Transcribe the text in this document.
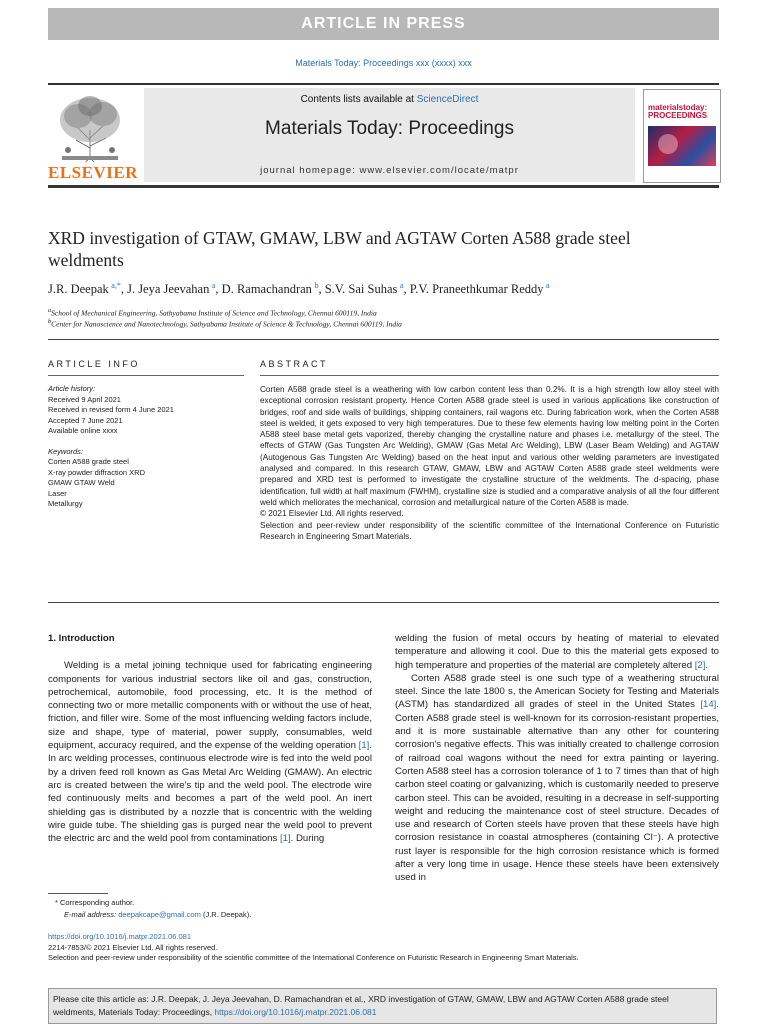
ARTICLE IN PRESS
Materials Today: Proceedings xxx (xxxx) xxx
ELSEVIER
Contents lists available at ScienceDirect
Materials Today: Proceedings
journal homepage: www.elsevier.com/locate/matpr
materialstoday:
PROCEEDINGS
XRD investigation of GTAW, GMAW, LBW and AGTAW Corten A588 grade steel weldments
J.R. Deepak  $^{a,*}$, J. Jeya Jeevahan  $^a$, D. Ramachandran  $^b$, S.V. Sai Suhas  $^a$, P.V. Praneethkumar Reddy  $^a$
$^a$School of Mechanical Engineering, Sathyabama Institute of Science and Technology, Chennai 600119, India
$^b$Center for Nanoscience and Nanotechnology, Sathyabama Institute of Science & Technology, Chennai 600119, India
ARTICLE INFO	ABSTRACT
Article history:
Received 9 April 2021
Received in revised form 4 June 2021
Accepted 7 June 2021
Available online xxxx
Keywords:
Corten A588 grade steel
X-ray powder diffraction XRD
GMAW GTAW Weld
Laser
Metallurgy
Corten A588 grade steel is a weathering with low carbon content less than 0.2%. It is a high strength low alloy steel with exceptional corrosion resistant property. Hence Corten A588 grade steel is used in various applications like construction of bridges, roof and side walls of buildings, shipping containers, rail wagons etc. During fabrication work, when the Corten A588 steel is welded, it gets exposed to very high temperatures. Due to these few elements having low melting point in the Corten A588 steel base metal gets vaporized, thereby changing the crystalline nature and phases i.e. metallurgy of the steel. The effects of GTAW (Gas Tungsten Arc Welding), GMAW (Gas Metal Arc Welding), LBW (Laser Beam Welding) and AGTAW (Autogenous Gas Tungsten Arc Welding) based on the heat input and various other welding parameters are investigated analysed and compared. In this research GTAW, GMAW, LBW and AGTAW Corten A588 grade steel weldments were prepared and XRD test is performed to investigate the crystalline structure of the weldments. The d-spacing, phase identification, full width at half maximum (FWHM), crystalline size is studied and a comparative analysis of all the four different weld which meliorates the mechanical, corrosion and metallurgical nature of the Corten A588 is made.
© 2021 Elsevier Ltd. All rights reserved.
Selection and peer-review under responsibility of the scientific committee of the International Conference on Futuristic Research in Engineering Smart Materials.
1. Introduction

Welding is a metal joining technique used for fabricating engineering components for various industrial sectors like oil and gas, construction, petrochemical, automobile, food processing, etc. It is the method of connecting two or more metallic components with or without the use of heat, friction, and filler wire. Some of the most influencing welding factors include, size and shape, type of material, power supply, consumables, weld equipment, accuracy required, and the expense of the welding operation [1]. In arc welding processes, continuous electrode wire is fed into the weld pool by a driven feed roll known as Gas Metal Arc Welding (GMAW). An electric arc is created between the wire's tip and the weld pool. The electrode wire fed continuously melts and becomes a part of the weld pool. An inert shielding gas is distributed by a nozzle that is concentric with the welding wire guide tube. The shielding gas is purged near the weld pool to prevent the electric arc and the weld pool from contaminations [1]. During

welding the fusion of metal occurs by heating of material to elevated temperature and allowing it cool. Due to this the material gets exposed to high temperature and properties of the material are completely altered [2].

Corten A588 grade steel is one such type of a weathering structural steel. Since the late 1800 s, the American Society for Testing and Materials (ASTM) has standardized all grades of steel in the United States [14]. Corten A588 grade steel is well-known for its corrosion-resistant properties, and it is more sustainable alternative than any other for countering corrosion's negative effects. This was initially created to challenge corrosion of railroad coal wagons without the need for extra painting or layering. Corten A588 steel has a corrosion tolerance of 1 to 7 times than that of high carbon steel coating or galvanizing, which is customarily needed to preserve carbon steel. This can be avoided, resulting in a decrease in self-supporting weight and reducing the maintenance cost of steel structure. Decades of use and research of Corten steels have proven that these steels have high corrosion resistance in coastal atmospheres (containing Cl⁻). A protective rust layer is responsible for the high corrosion resistance which is formed after a very long time in usage. Hence these steels have been extensively used in

* Corresponding author.
E-mail address: deepakcape@gmail.com (J.R. Deepak).
https://doi.org/10.1016/j.matpr.2021.06.081
2214-7853/© 2021 Elsevier Ltd. All rights reserved.
Selection and peer-review under responsibility of the scientific committee of the International Conference on Futuristic Research in Engineering Smart Materials.
Please cite this article as: J.R. Deepak, J. Jeya Jeevahan, D. Ramachandran et al., XRD investigation of GTAW, GMAW, LBW and AGTAW Corten A588 grade steel weldments, Materials Today: Proceedings, https://doi.org/10.1016/j.matpr.2021.06.081
